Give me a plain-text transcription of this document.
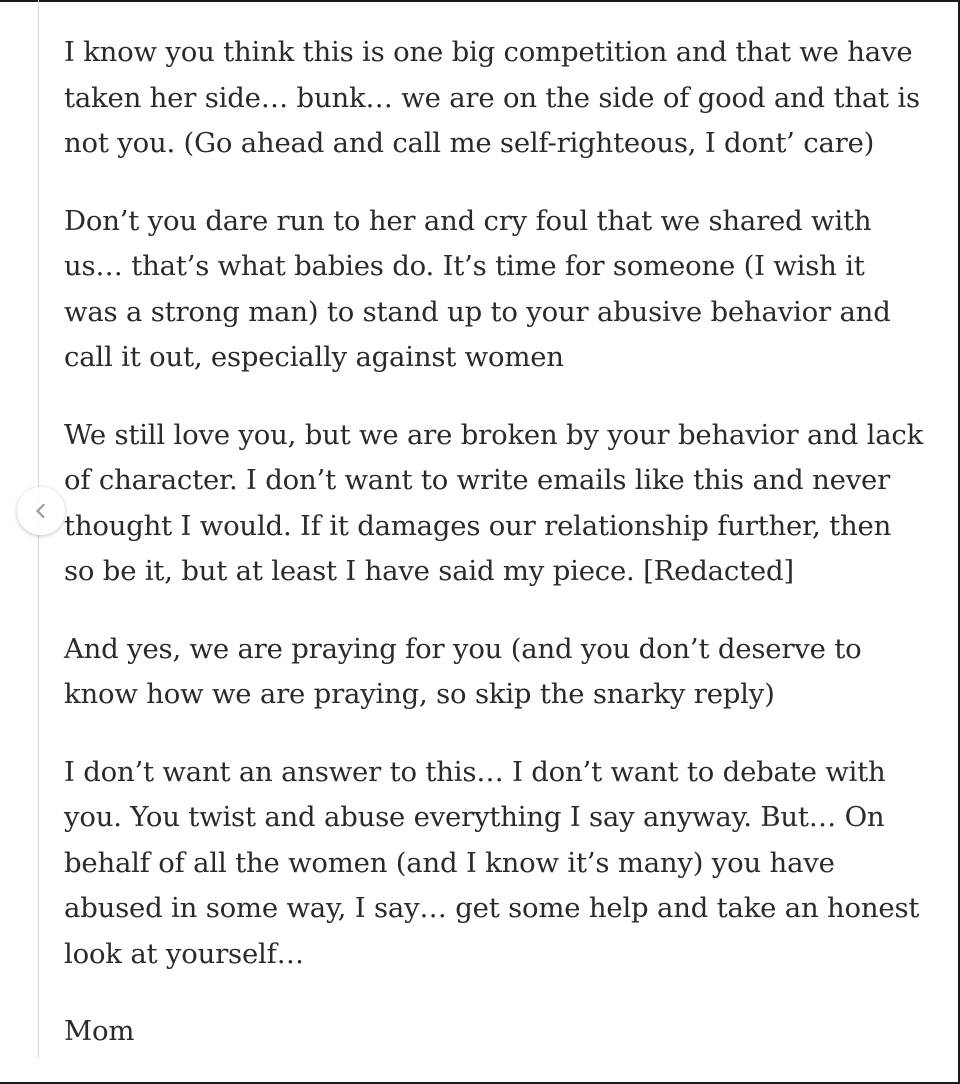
I know you think this is one big competition and that we have
taken her side… bunk… we are on the side of good and that is
not you. (Go ahead and call me self-righteous, I dont’ care)

Don’t you dare run to her and cry foul that we shared with
us… that’s what babies do. It’s time for someone (I wish it
was a strong man) to stand up to your abusive behavior and
call it out, especially against women

We still love you, but we are broken by your behavior and lack
of character. I don’t want to write emails like this and never
thought I would. If it damages our relationship further, then
so be it, but at least I have said my piece. [Redacted]

And yes, we are praying for you (and you don’t deserve to
know how we are praying, so skip the snarky reply)

I don’t want an answer to this… I don’t want to debate with
you. You twist and abuse everything I say anyway. But… On
behalf of all the women (and I know it’s many) you have
abused in some way, I say… get some help and take an honest
look at yourself…

Mom
